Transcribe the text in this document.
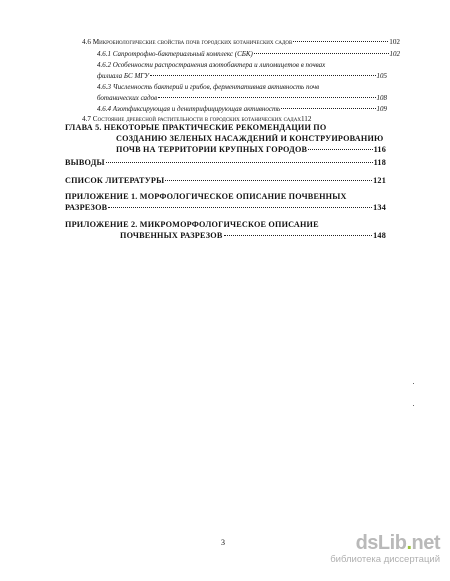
4.6 Микробиологические свойства почв городских ботанических садов	102
4.6.1 Сапротрофно-бактериальный комплекс (СБК)	102
4.6.2 Особенности распространения азотобактера и липомицетов в почвах
филиала БС МГУ	105
4.6.3 Численность бактерий и грибов, ферментативная активность почв
ботанических садов	108
4.6.4 Азотфиксирующая и денитрифицирующая активность	109
4.7 Состояние древесной растительности в городских ботанических садах 112
ГЛАВА 5. НЕКОТОРЫЕ ПРАКТИЧЕСКИЕ РЕКОМЕНДАЦИИ ПО
СОЗДАНИЮ ЗЕЛЕНЫХ НАСАЖДЕНИЙ И КОНСТРУИРОВАНИЮ
ПОЧВ НА ТЕРРИТОРИИ КРУПНЫХ ГОРОДОВ	116
ВЫВОДЫ	118
СПИСОК ЛИТЕРАТУРЫ	121
ПРИЛОЖЕНИЕ 1. МОРФОЛОГИЧЕСКОЕ ОПИСАНИЕ ПОЧВЕННЫХ
РАЗРЕЗОВ	134
ПРИЛОЖЕНИЕ 2. МИКРОМОРФОЛОГИЧЕСКОЕ ОПИСАНИЕ
ПОЧВЕННЫХ РАЗРЕЗОВ	148
3	dsLib.net
библиотека диссертаций
